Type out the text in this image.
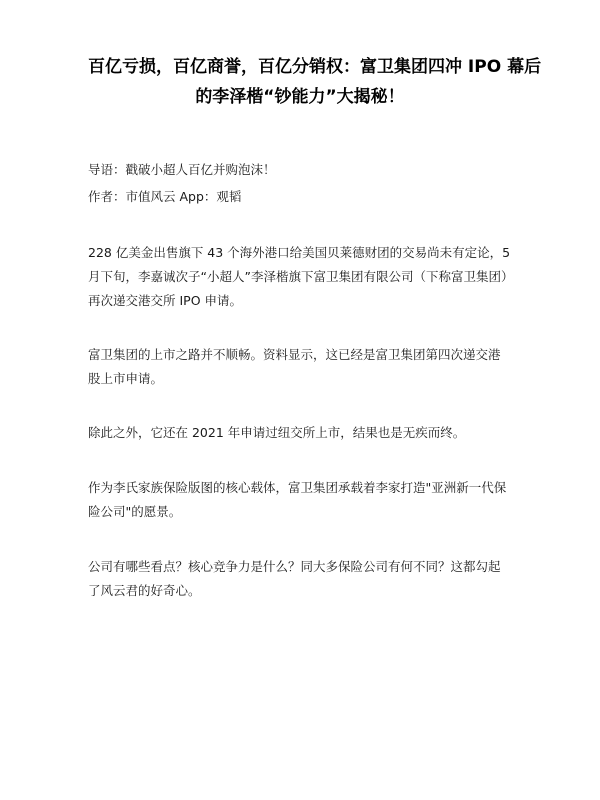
百亿亏损，百亿商誉，百亿分销权：富卫集团四冲 IPO 幕后
的李泽楷“钞能力”大揭秘！

导语：戳破小超人百亿并购泡沫！

作者：市值风云 App：观韬

228 亿美金出售旗下 43 个海外港口给美国贝莱德财团的交易尚未有定论，5 月下旬，李嘉诚次子“小超人”李泽楷旗下富卫集团有限公司（下称富卫集团）再次递交港交所 IPO 申请。

富卫集团的上市之路并不顺畅。资料显示，这已经是富卫集团第四次递交港股上市申请。

除此之外，它还在 2021 年申请过纽交所上市，结果也是无疾而终。

作为李氏家族保险版图的核心载体，富卫集团承载着李家打造"亚洲新一代保险公司"的愿景。

公司有哪些看点？核心竞争力是什么？同大多保险公司有何不同？这都勾起了风云君的好奇心。
